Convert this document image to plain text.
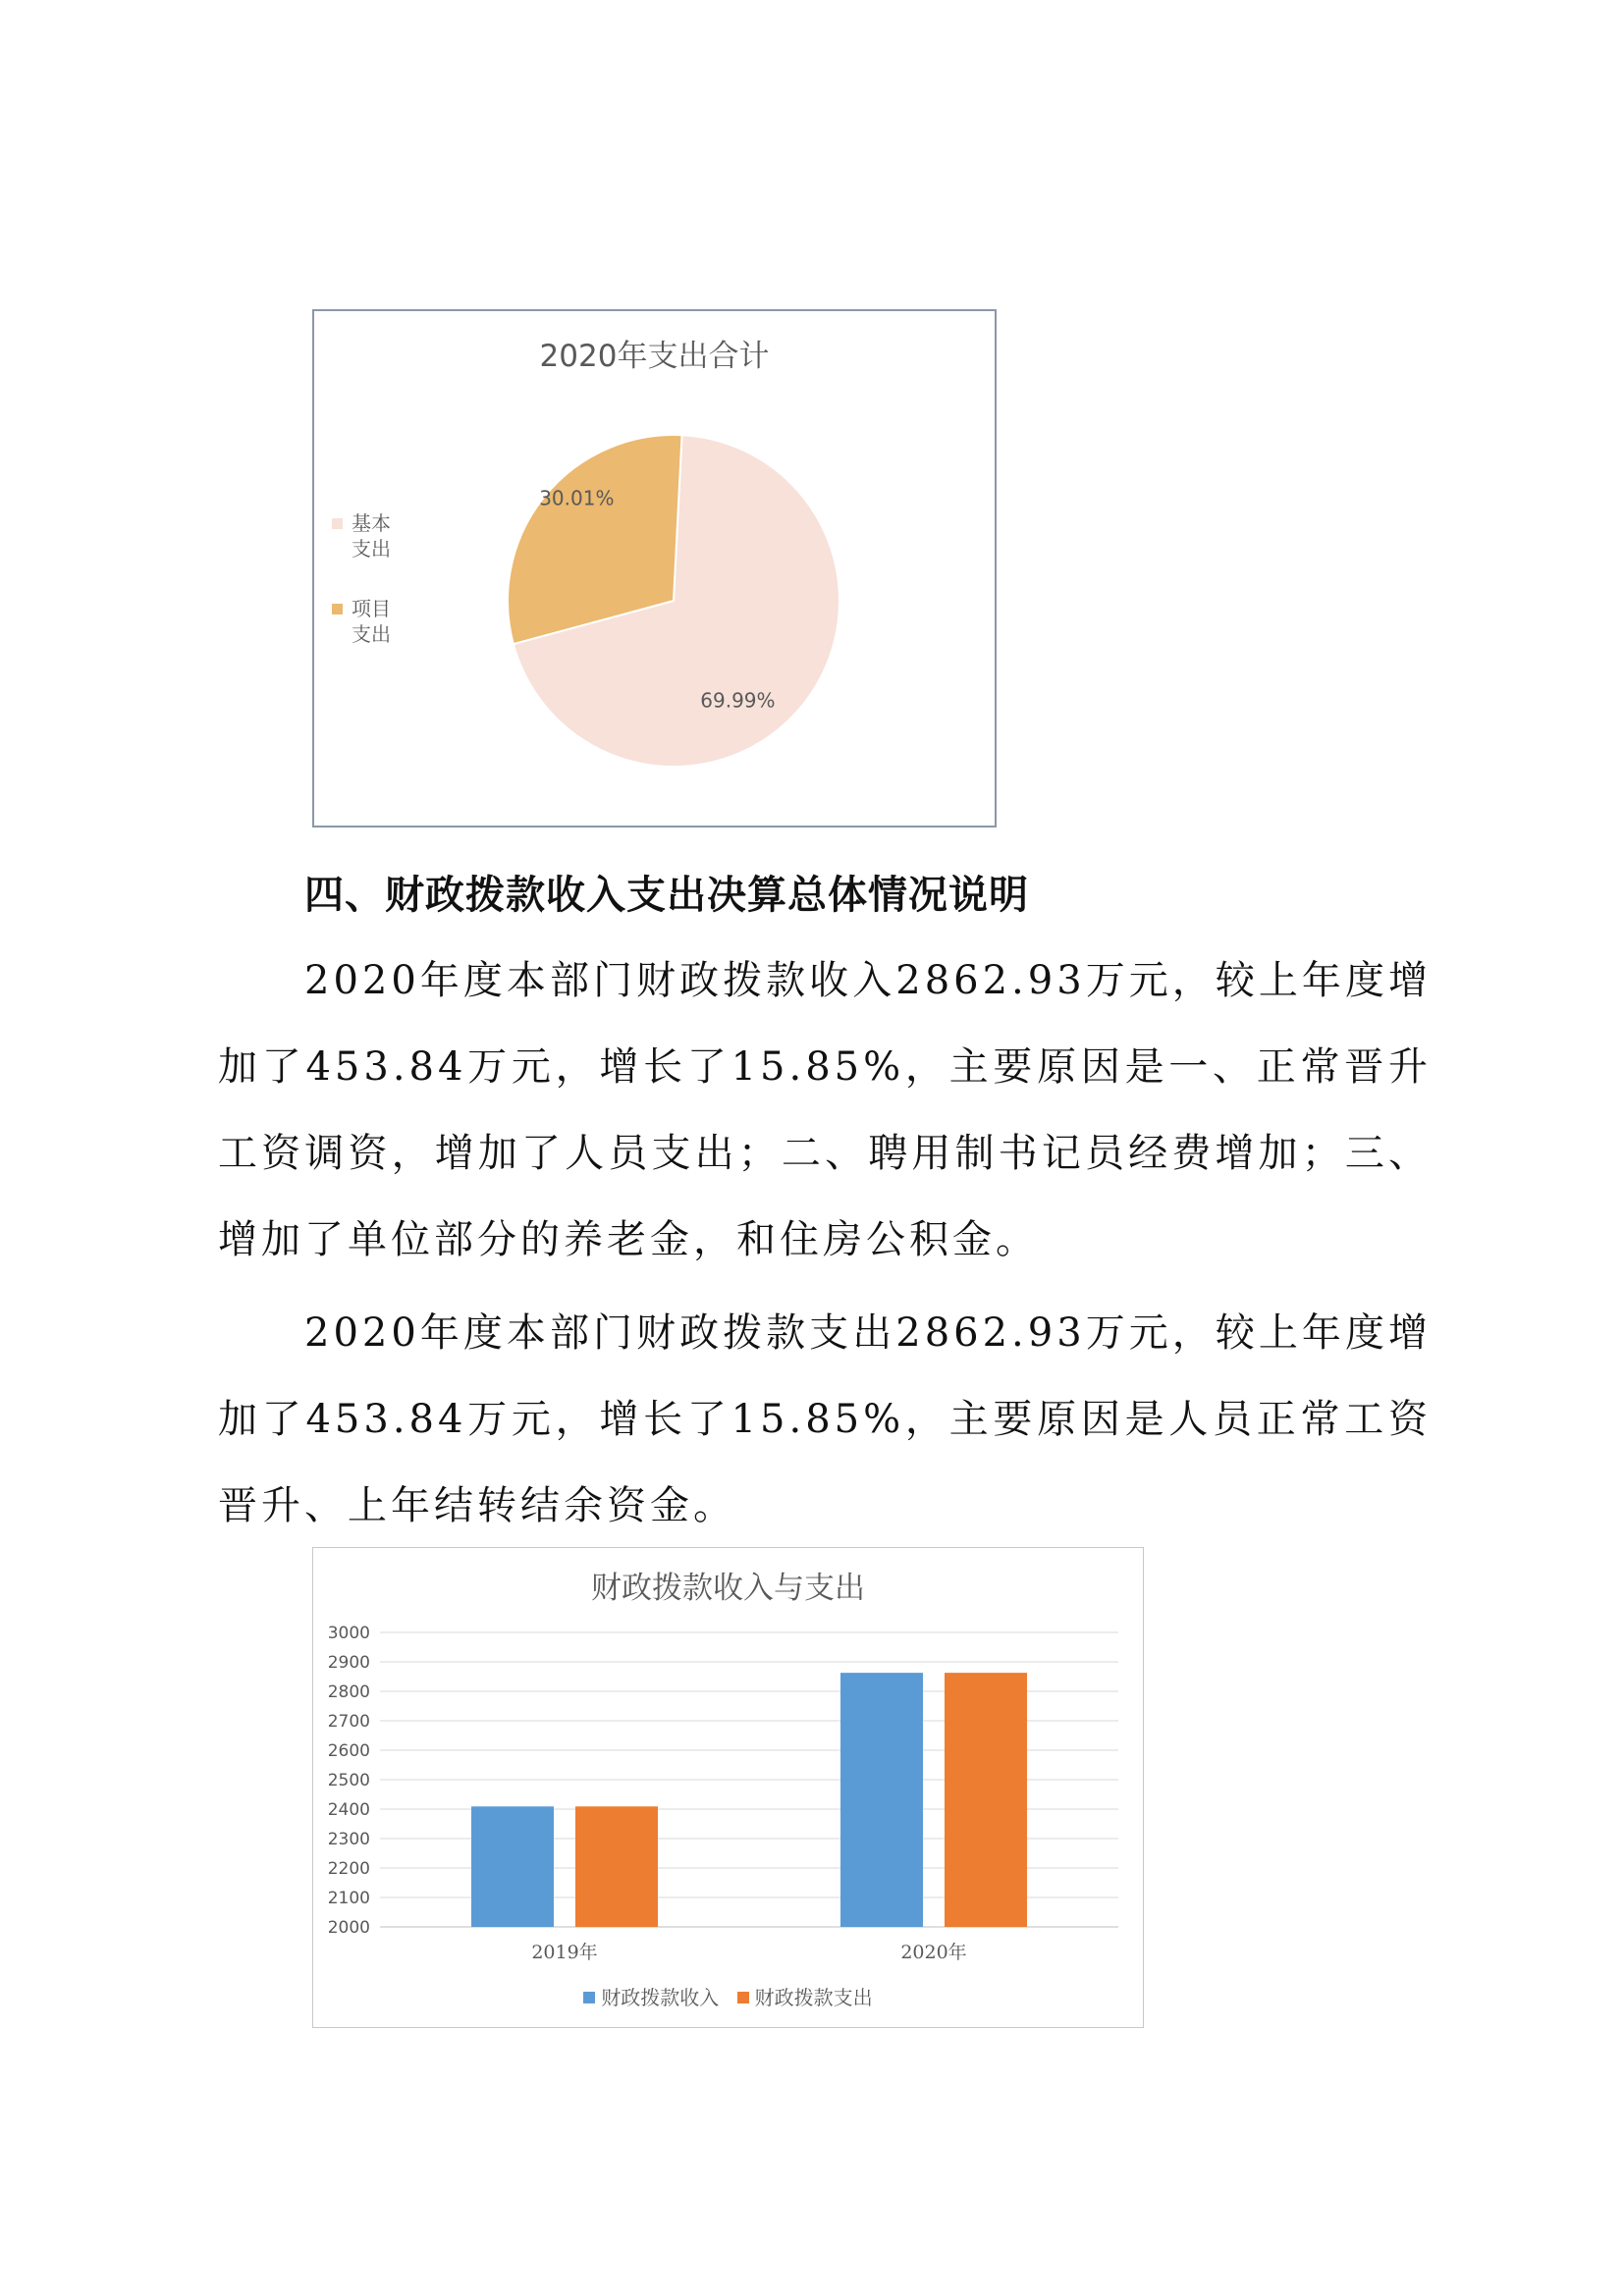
2020年支出合计
基本支出
项目支出
69.99%
30.01%
四、财政拨款收入支出决算总体情况说明
2020年度本部门财政拨款收入2862.93万元，较上年度增加了453.84万元，增长了15.85%，主要原因是一、正常晋升工资调资，增加了人员支出；二、聘用制书记员经费增加；三、增加了单位部分的养老金，和住房公积金。
2020年度本部门财政拨款支出2862.93万元，较上年度增加了453.84万元，增长了15.85%，主要原因是人员正常工资晋升、上年结转结余资金。
财政拨款收入与支出
2000
2100
2200
2300
2400
2500
2600
2700
2800
2900
3000
2019年	2020年
财政拨款收入 财政拨款支出
